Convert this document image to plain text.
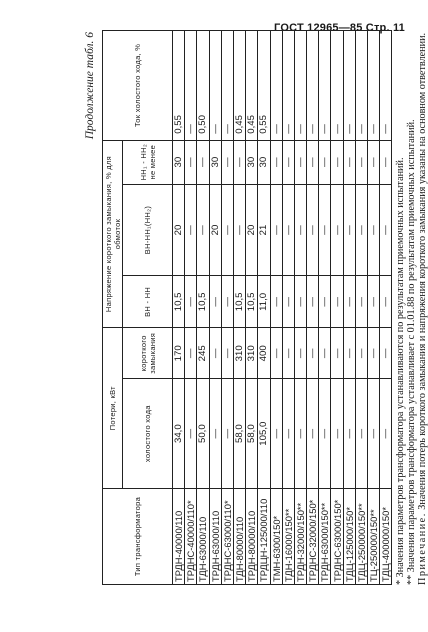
ГОСТ 12965—85 Стр. 11
Продолжение табл. 6
Тип трансформатора	Потери, кВт		Напряжение короткого замыкания, % для обмоток			Ток холостого хода, %
	холостого хода	короткого замыкания	ВН - НН	ВН-НН₁(НН₂)	НН₁ - НН₂ не менее	
ТРДН-40000/110	34,0	170	10,5	20	30	0,55
ТРДНС-40000/110*	—	—	—	—	—	—
ТДН-63000/110	50,0	245	10,5	—	—	0,50
ТРДН-63000/110	—	—	—	20	30	—
ТРДНС-63000/110*	—	—	—	—	—	—
ТДН-80000/110	58,0	310	10,5	—	—	0,45
ТРДН-80000/110	58,0	310	10,5	20	30	0,45
ТРДЦН-125000/110	105,0	400	11,0	21	30	0,55
ТМН-6300/150*	—	—	—	—	—	—
ТДН-16000/150**	—	—	—	—	—	—
ТРДН-32000/150**	—	—	—	—	—	—
ТРДНС-32000/150*	—	—	—	—	—	—
ТРДН-63000/150**	—	—	—	—	—	—
ТРДНС-63000/150*	—	—	—	—	—	—
ТДЦ-125000/150*	—	—	—	—	—	—
ТДЦ-250000/150**	—	—	—	—	—	—
ТЦ-250000/150**	—	—	—	—	—	—
ТДЦ-400000/150*	—	—	—	—	—	—

* Значения параметров трансформатора устанавливаются по результатам приемочных испытаний. ** Значения параметров трансформатора устанавливает с 01.01.88 по результатам приемочных испытаний. Примечание. Значения потерь короткого замыкания и напряжения короткого замыкания указаны на основном ответвлении.
